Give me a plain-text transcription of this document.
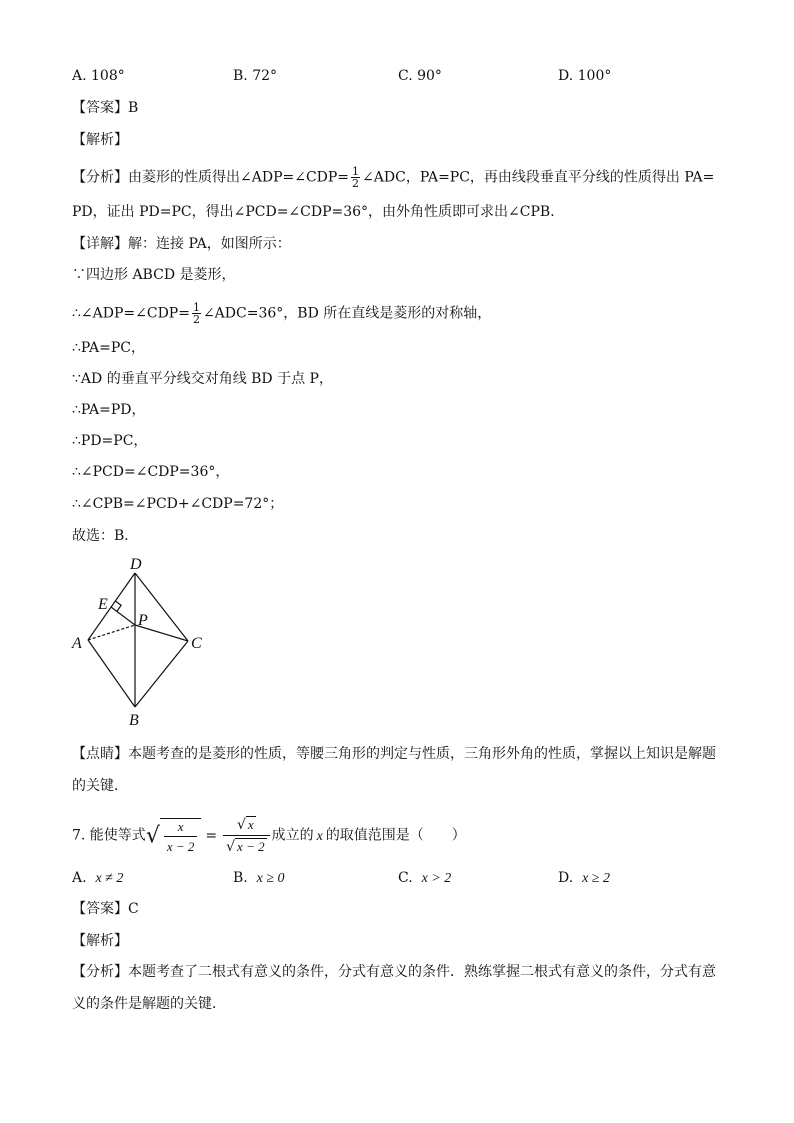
A. 108°	B. 72°	C. 90°	D. 100°
【答案】B
【解析】
【分析】由菱形的性质得出∠ADP=∠CDP= $\frac{1}{2}$ ∠ADC，PA=PC，再由线段垂直平分线的性质得出 PA=
PD，证出 PD=PC，得出∠PCD=∠CDP=36°，由外角性质即可求出∠CPB．
【详解】解：连接 PA，如图所示：
∵四边形 ABCD 是菱形，
∴∠ADP=∠CDP= $\frac{1}{2}$ ∠ADC=36°，BD 所在直线是菱形的对称轴，
∴PA=PC，
∵AD 的垂直平分线交对角线 BD 于点 P，
∴PA=PD，
∴PD=PC，
∴∠PCD=∠CDP=36°，
∴∠CPB=∠PCD+∠CDP=72°；
故选：B．
D
E
P
A	C
B
【点睛】本题考查的是菱形的性质，等腰三角形的判定与性质，三角形外角的性质，掌握以上知识是解题
的关键．
7. 能使等式√ $\frac{x}{x - 2} = \frac{√ x}{√ x - 2}$ 成立的 x 的取值范围是（　　）
A. x ≠ 2	B. x ≥ 0	C. x > 2	D. x ≥ 2
【答案】C
【解析】
【分析】本题考查了二根式有意义的条件，分式有意义的条件．熟练掌握二根式有意义的条件，分式有意
义的条件是解题的关键．
